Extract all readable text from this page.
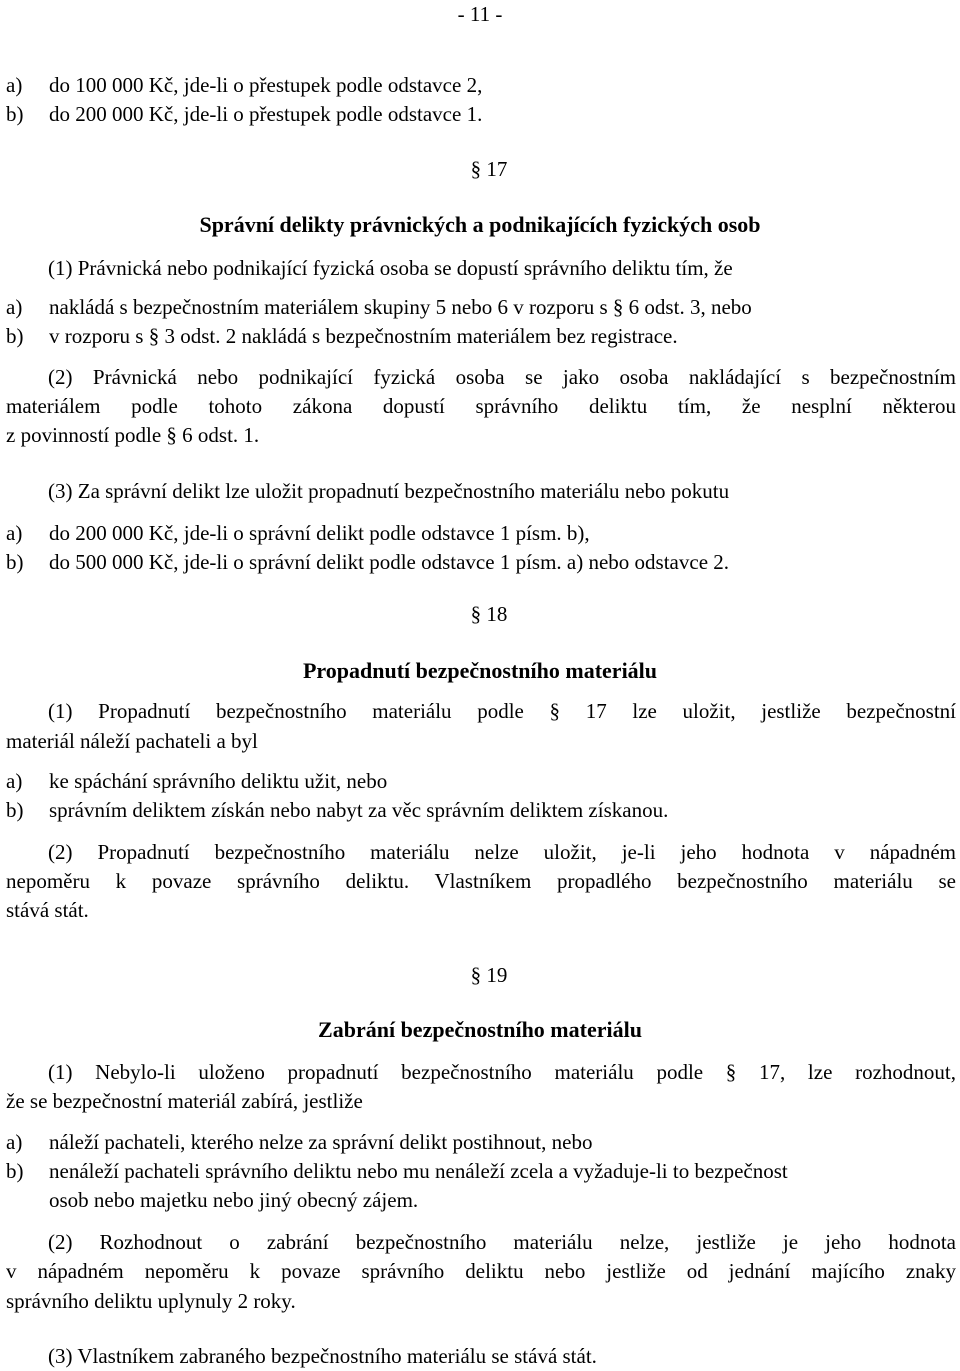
- 11 -
a) do 100 000 Kč, jde-li o přestupek podle odstavce 2,
b) do 200 000 Kč, jde-li o přestupek podle odstavce 1.
§ 17
Správní delikty právnických a podnikajících fyzických osob
(1) Právnická nebo podnikající fyzická osoba se dopustí správního deliktu tím, že
a) nakládá s bezpečnostním materiálem skupiny 5 nebo 6 v rozporu s § 6 odst. 3, nebo
b) v rozporu s § 3 odst. 2 nakládá s bezpečnostním materiálem bez registrace.
(2) Právnická nebo podnikající fyzická osoba se jako osoba nakládající s bezpečnostním
materiálem podle tohoto zákona dopustí správního deliktu tím, že nesplní některou
z povinností podle § 6 odst. 1.
(3) Za správní delikt lze uložit propadnutí bezpečnostního materiálu nebo pokutu
a) do 200 000 Kč, jde-li o správní delikt podle odstavce 1 písm. b),
b) do 500 000 Kč, jde-li o správní delikt podle odstavce 1 písm. a) nebo odstavce 2.
§ 18
Propadnutí bezpečnostního materiálu
(1) Propadnutí bezpečnostního materiálu podle § 17 lze uložit, jestliže bezpečnostní
materiál náleží pachateli a byl
a) ke spáchání správního deliktu užit, nebo
b) správním deliktem získán nebo nabyt za věc správním deliktem získanou.
(2) Propadnutí bezpečnostního materiálu nelze uložit, je-li jeho hodnota v nápadném
nepoměru k povaze správního deliktu. Vlastníkem propadlého bezpečnostního materiálu se
stává stát.
§ 19
Zabrání bezpečnostního materiálu
(1) Nebylo-li uloženo propadnutí bezpečnostního materiálu podle § 17, lze rozhodnout,
že se bezpečnostní materiál zabírá, jestliže
a) náleží pachateli, kterého nelze za správní delikt postihnout, nebo
b) nenáleží pachateli správního deliktu nebo mu nenáleží zcela a vyžaduje-li to bezpečnost
osob nebo majetku nebo jiný obecný zájem.
(2) Rozhodnout o zabrání bezpečnostního materiálu nelze, jestliže je jeho hodnota
v nápadném nepoměru k povaze správního deliktu nebo jestliže od jednání majícího znaky
správního deliktu uplynuly 2 roky.
(3) Vlastníkem zabraného bezpečnostního materiálu se stává stát.
